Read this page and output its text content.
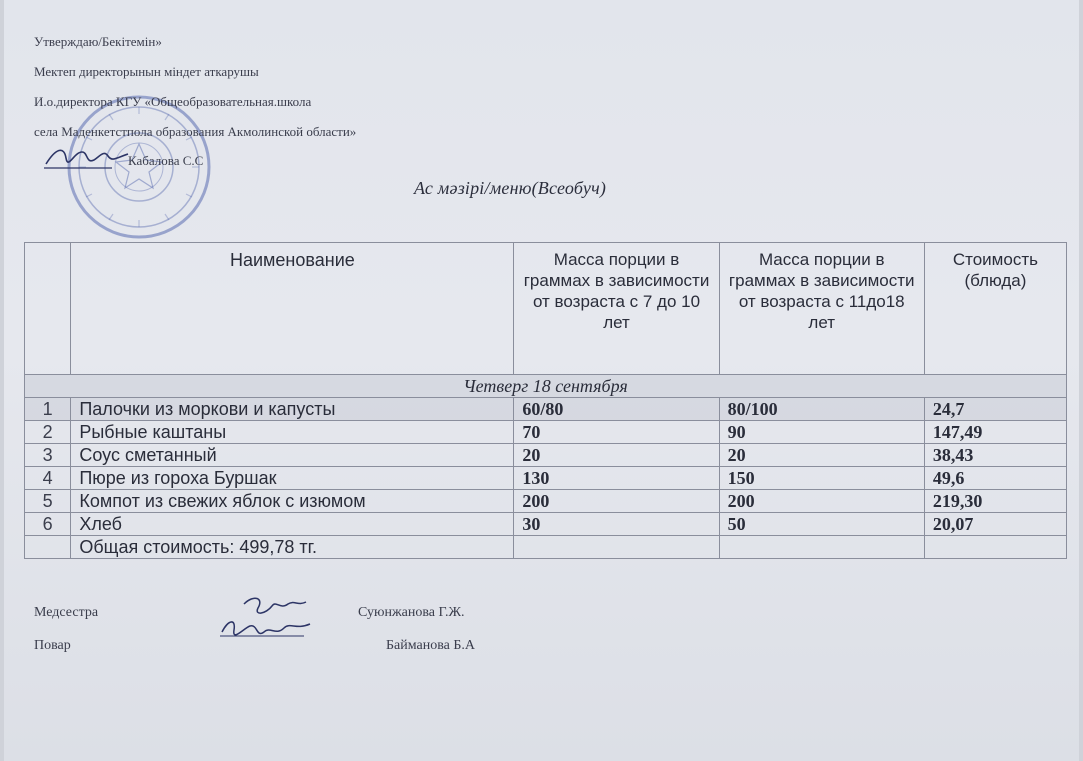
Утверждаю/Бекітемін»
Мектеп директорынын міндет аткарушы
И.о.директора КГУ «Общеобразовательная.школа
села Маденкетстпола образования Акмолинской области»
Кабалова С.С
Ас мәзірі/меню(Всеобуч)
	Наименование	Масса порции в граммах в зависимости от возраста с 7 до 10 лет	Масса порции в граммах в зависимости от возраста с 11до18 лет	Стоимость (блюда)
Четверг 18 сентября				
1	Палочки из моркови и капусты	60/80	80/100	24,7
2	Рыбные каштаны	70	90	147,49
3	Соус сметанный	20	20	38,43
4	Пюре из гороха Буршак	130	150	49,6
5	Компот из свежих яблок с изюмом	200	200	219,30
6	Хлеб	30	50	20,07
	Общая стоимость: 499,78 тг.			
Медсестра	Суюнжанова Г.Ж.
Повар	Байманова Б.А
